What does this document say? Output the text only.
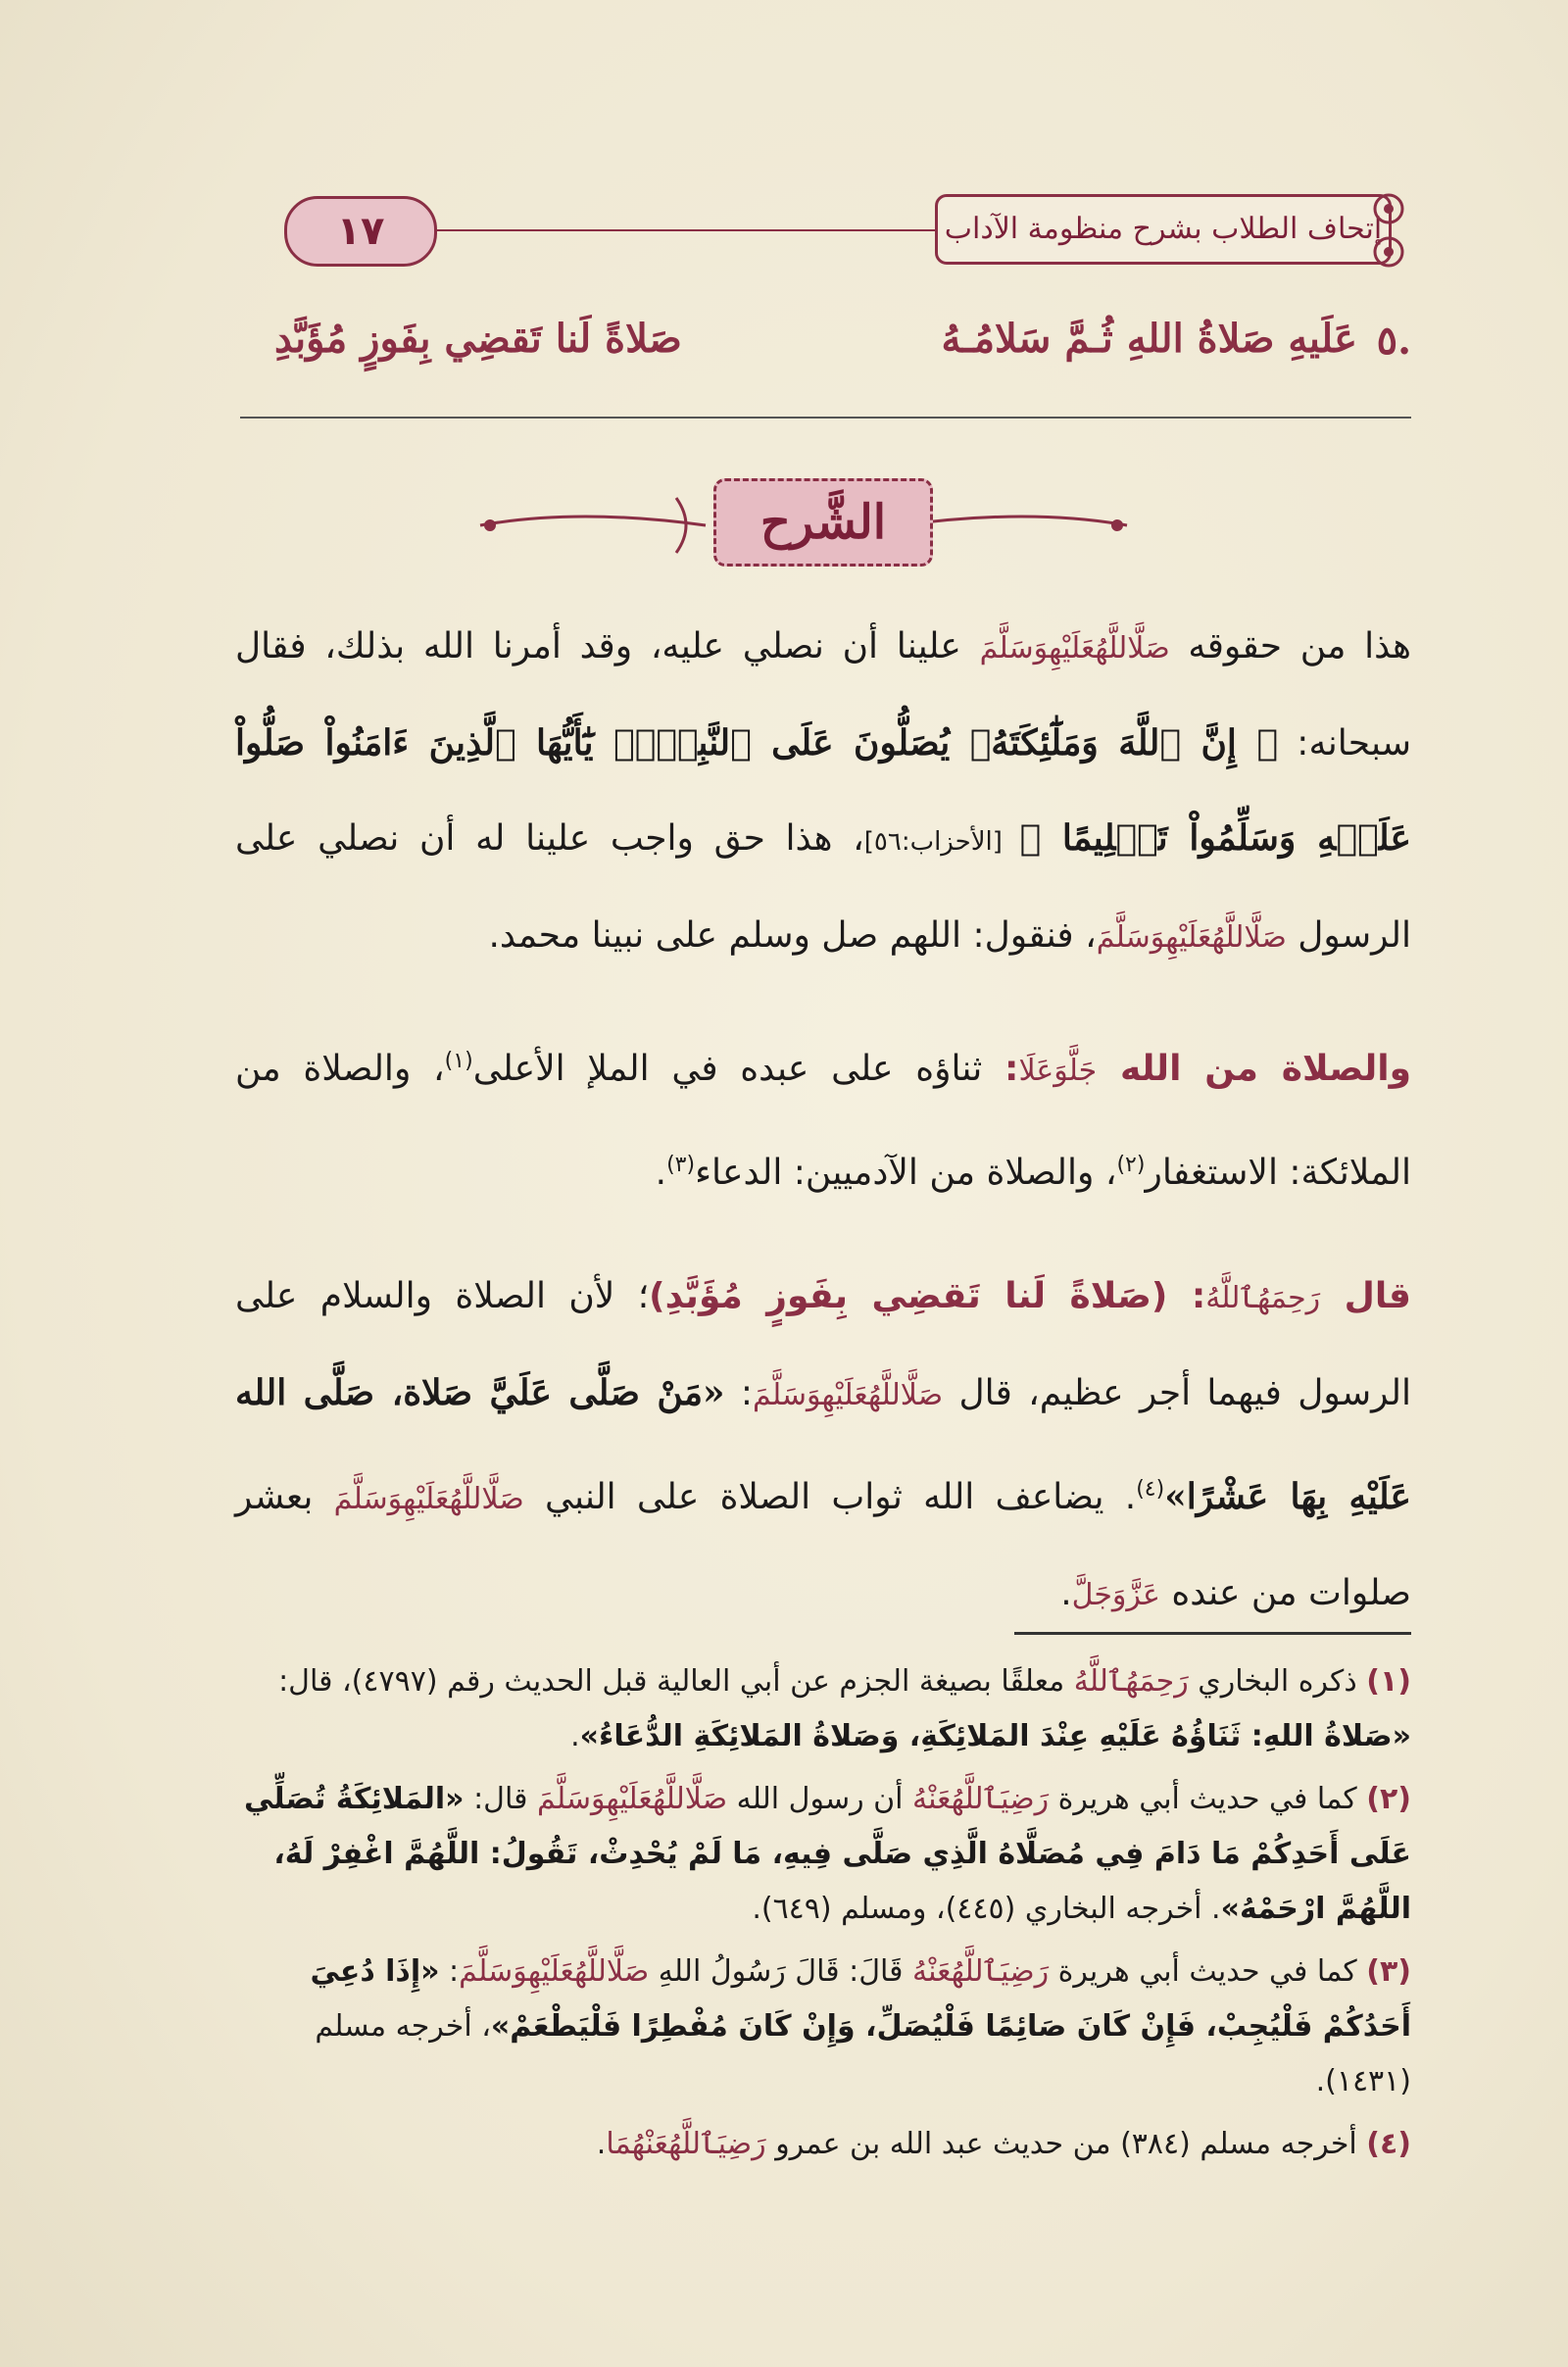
١٧	إتحاف الطلاب بشرح منظومة الآداب
٥.
عَلَيهِ صَلاةُ اللهِ ثُـمَّ سَلامُـهُ
صَلاةً لَنا تَقضِي بِفَوزٍ مُؤَبَّدِ
الشَّرح

هذا من حقوقه صَلَّاللَّهُعَلَيْهِوَسَلَّمَ علينا أن نصلي عليه، وقد أمرنا الله بذلك، فقال سبحانه: ﴿ إِنَّ ٱللَّهَ وَمَلَٰٓئِكَتَهُۥ يُصَلُّونَ عَلَى ٱلنَّبِيِّۚ يَٰٓأَيُّهَا ٱلَّذِينَ ءَامَنُواْ صَلُّواْ عَلَيۡهِ وَسَلِّمُواْ تَسۡلِيمًا ﴾ [الأحزاب:٥٦]، هذا حق واجب علينا له أن نصلي على الرسول صَلَّاللَّهُعَلَيْهِوَسَلَّمَ، فنقول: اللهم صل وسلم على نبينا محمد.

والصلاة من الله جَلَّوَعَلَا: ثناؤه على عبده في الملإ الأعلى$^{(١)}$، والصلاة من الملائكة: الاستغفار$^{(٢)}$، والصلاة من الآدميين: الدعاء$^{(٣)}$.

قال رَحِمَهُٱللَّهُ: (صَلاةً لَنا تَقضِي بِفَوزٍ مُؤَبَّدِ)؛ لأن الصلاة والسلام على الرسول فيهما أجر عظيم، قال صَلَّاللَّهُعَلَيْهِوَسَلَّمَ: «مَنْ صَلَّى عَلَيَّ صَلاة، صَلَّى الله عَلَيْهِ بِهَا عَشْرًا»$^{(٤)}$. يضاعف الله ثواب الصلاة على النبي صَلَّاللَّهُعَلَيْهِوَسَلَّمَ بعشر صلوات من عنده عَزَّوَجَلَّ.

(١) ذكره البخاري رَحِمَهُٱللَّهُ معلقًا بصيغة الجزم عن أبي العالية قبل الحديث رقم (٤٧٩٧)، قال: «صَلاةُ اللهِ: ثَنَاؤُهُ عَلَيْهِ عِنْدَ المَلائِكَةِ، وَصَلاةُ المَلائِكَةِ الدُّعَاءُ».

(٢) كما في حديث أبي هريرة رَضِيَٱللَّهُعَنْهُ أن رسول الله صَلَّاللَّهُعَلَيْهِوَسَلَّمَ قال: «المَلائِكَةُ تُصَلِّي عَلَى أَحَدِكُمْ مَا دَامَ فِي مُصَلَّاهُ الَّذِي صَلَّى فِيهِ، مَا لَمْ يُحْدِثْ، تَقُولُ: اللَّهُمَّ اغْفِرْ لَهُ، اللَّهُمَّ ارْحَمْهُ». أخرجه البخاري (٤٤٥)، ومسلم (٦٤٩).

(٣) كما في حديث أبي هريرة رَضِيَٱللَّهُعَنْهُ قَالَ: قَالَ رَسُولُ اللهِ صَلَّاللَّهُعَلَيْهِوَسَلَّمَ: «إِذَا دُعِيَ أَحَدُكُمْ فَلْيُجِبْ، فَإِنْ كَانَ صَائِمًا فَلْيُصَلِّ، وَإِنْ كَانَ مُفْطِرًا فَلْيَطْعَمْ»، أخرجه مسلم (١٤٣١).

(٤) أخرجه مسلم (٣٨٤) من حديث عبد الله بن عمرو رَضِيَٱللَّهُعَنْهُمَا.
